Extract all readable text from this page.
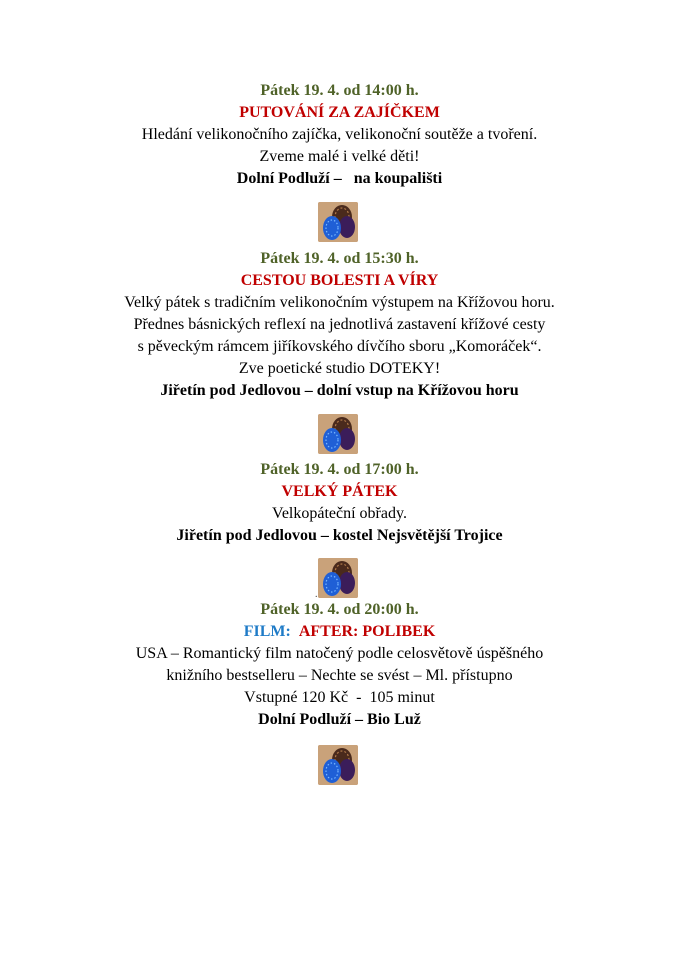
Pátek 19. 4. od 14:00 h.
PUTOVÁNÍ ZA ZAJÍČKEM
Hledání velikonočního zajíčka, velikonoční soutěže a tvoření.
Zveme malé i velké děti!
Dolní Podluží –   na koupališti
Pátek 19. 4. od 15:30 h.
CESTOU BOLESTI A VÍRY
Velký pátek s tradičním velikonočním výstupem na Křížovou horu.
Přednes básnických reflexí na jednotlivá zastavení křížové cesty
s pěveckým rámcem jiříkovského dívčího sboru „Komoráček“.
Zve poetické studio DOTEKY!
Jiřetín pod Jedlovou – dolní vstup na Křížovou horu
Pátek 19. 4. od 17:00 h.
VELKÝ PÁTEK
Velkopáteční obřady.
Jiřetín pod Jedlovou – kostel Nejsvětější Trojice
.
Pátek 19. 4. od 20:00 h.
FILM: AFTER: POLIBEK
USA – Romantický film natočený podle celosvětově úspěšného
knižního bestselleru – Nechte se svést – Ml. přístupno
Vstupné 120 Kč  -  105 minut
Dolní Podluží – Bio Luž
